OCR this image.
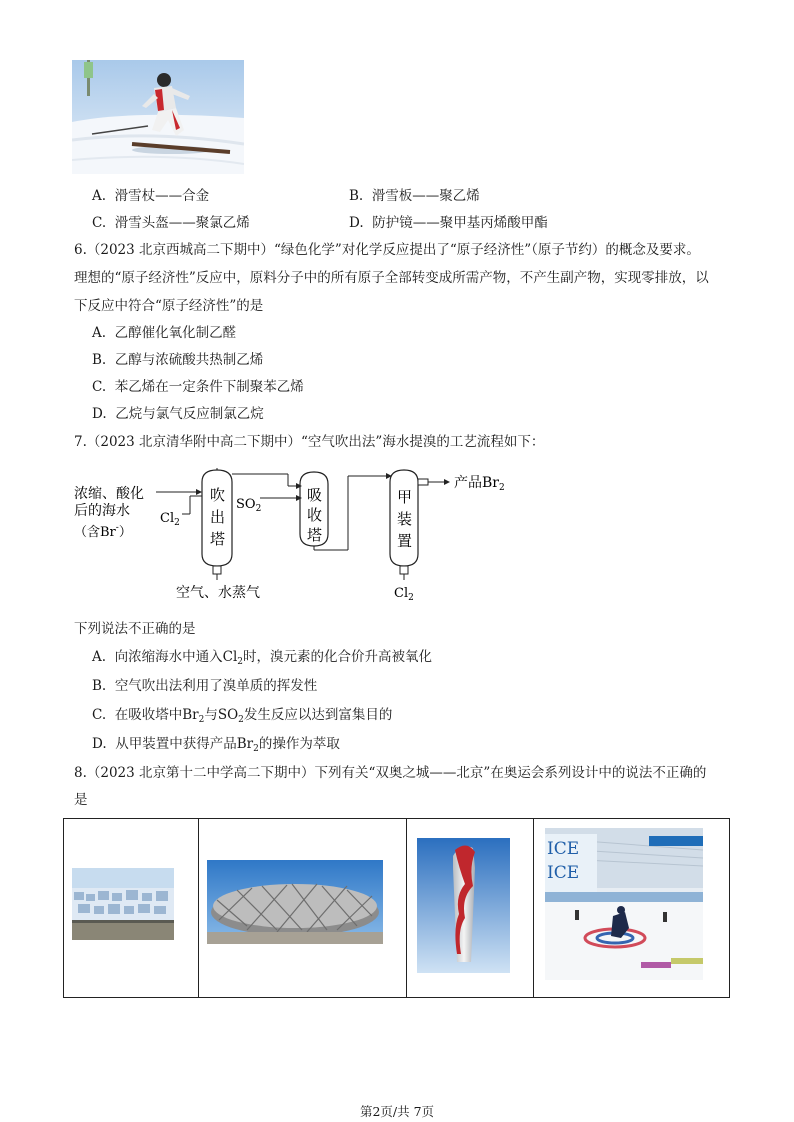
A. 滑雪杖——合金	B. 滑雪板——聚乙烯
C. 滑雪头盔——聚氯乙烯	D. 防护镜——聚甲基丙烯酸甲酯
6.（2023 北京西城高二下期中）“绿色化学”对化学反应提出了“原子经济性”（原子节约）的概念及要求。
理想的“原子经济性”反应中，原料分子中的所有原子全部转变成所需产物，不产生副产物，实现零排放，以
下反应中符合“原子经济性”的是
A. 乙醇催化氧化制乙醛
B. 乙醇与浓硫酸共热制乙烯
C. 苯乙烯在一定条件下制聚苯乙烯
D. 乙烷与氯气反应制氯乙烷
7.（2023 北京清华附中高二下期中）“空气吹出法”海水提溴的工艺流程如下：
浓缩、酸化
后的海水
（含Br-）
$Cl_2$
吹
出
塔
空气、水蒸气
$SO_2$
吸
收
塔
甲
装
置
产品$Br_2$
$Cl_2$
下列说法不正确的是
A. 向浓缩海水中通入$Cl_2$时，溴元素的化合价升高被氧化
B. 空气吹出法利用了溴单质的挥发性
C. 在吸收塔中$Br_2$与$SO_2$发生反应以达到富集目的
D. 从甲装置中获得产品$Br_2$的操作为萃取
8.（2023 北京第十二中学高二下期中）下列有关“双奥之城——北京”在奥运会系列设计中的说法不正确的
是
ICE
ICE
第2页/共 7页
